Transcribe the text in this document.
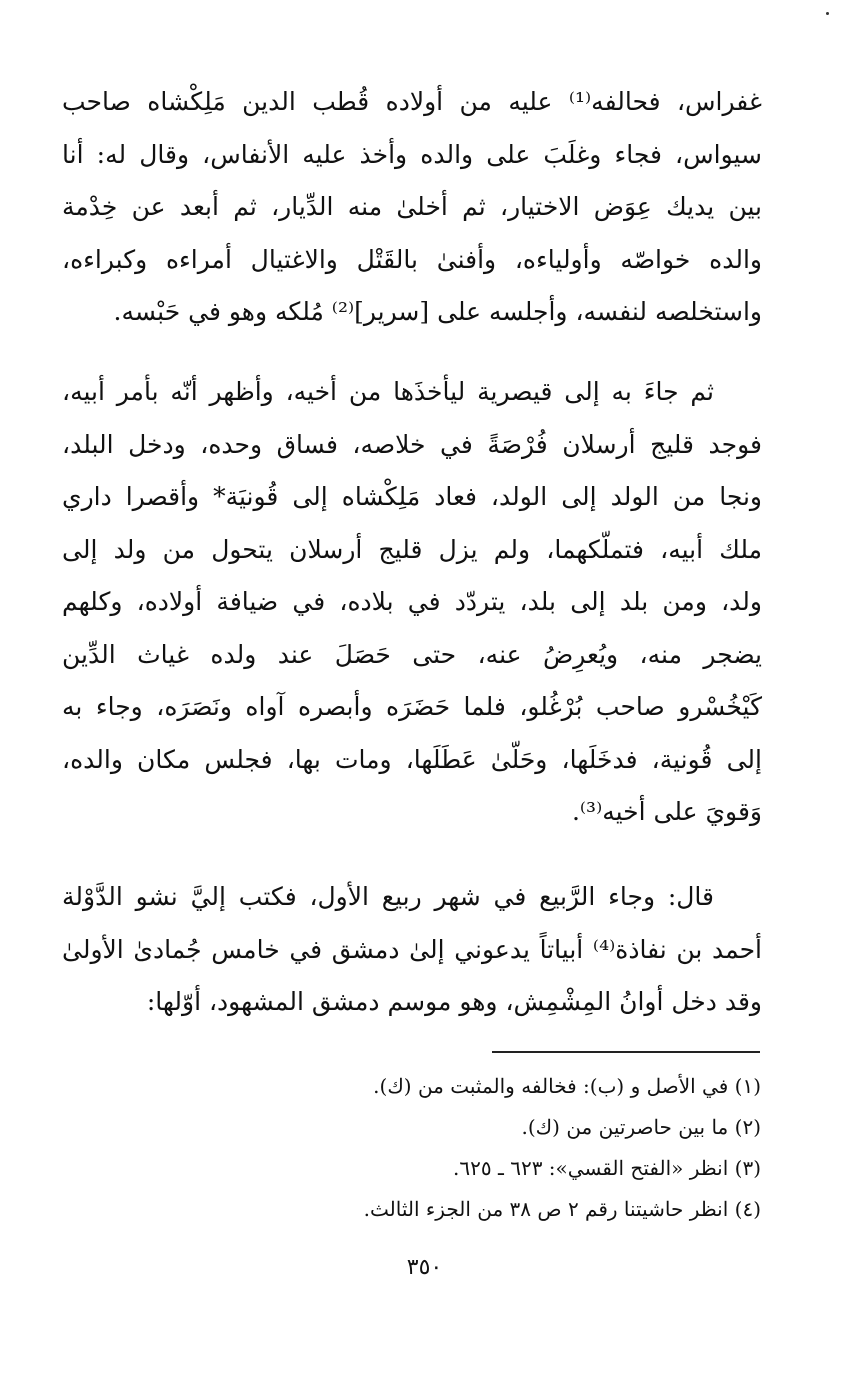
غفراس، فحالفه⁽¹⁾ عليه من أولاده قُطب الدين مَلِكْشاه صاحب
سيواس، فجاء وغلَبَ على والده وأخذ عليه الأنفاس، وقال له: أنا
بين يديك عِوَض الاختيار، ثم أخلىٰ منه الدِّيار، ثم أبعد عن خِدْمة
والده خواصّه وأولياءه، وأفنىٰ بالقَتْل والاغتيال أمراءه وكبراءه،
واستخلصه لنفسه، وأجلسه على [سرير]⁽²⁾ مُلكه وهو في حَبْسه.
ثم جاءَ به إلى قيصرية ليأخذَها من أخيه، وأظهر أنّه بأمر أبيه،
فوجد قليج أرسلان فُرْصَةً في خلاصه، فساق وحده، ودخل البلد،
ونجا من الولد إلى الولد، فعاد مَلِكْشاه إلى قُونيَة* وأقصرا داري
ملك أبيه، فتملّكهما، ولم يزل قليج أرسلان يتحول من ولد إلى
ولد، ومن بلد إلى بلد، يتردّد في بلاده، في ضيافة أولاده، وكلهم
يضجر منه، ويُعرِضُ عنه، حتى حَصَلَ عند ولده غياث الدِّين
كَيْخُسْرو صاحب بُرْغُلو، فلما حَضَرَه وأبصره آواه ونَصَرَه، وجاء به
إلى قُونية، فدخَلَها، وحَلّىٰ عَطَلَها، ومات بها، فجلس مكان والده،
وَقويَ على أخيه⁽³⁾.
قال: وجاء الرَّبيع في شهر ربيع الأول، فكتب إليَّ نشو الدَّوْلة
أحمد بن نفاذة⁽⁴⁾ أبياتاً يدعوني إلىٰ دمشق في خامس جُمادىٰ الأولىٰ
وقد دخل أوانُ المِشْمِش، وهو موسم دمشق المشهود، أوّلها:
(١) في الأصل و (ب): فخالفه والمثبت من (ك).
(٢) ما بين حاصرتين من (ك).
(٣) انظر «الفتح القسي»: ٦٢٣ ـ ٦٢٥.
(٤) انظر حاشيتنا رقم ٢ ص ٣٨ من الجزء الثالث.
٣٥٠
